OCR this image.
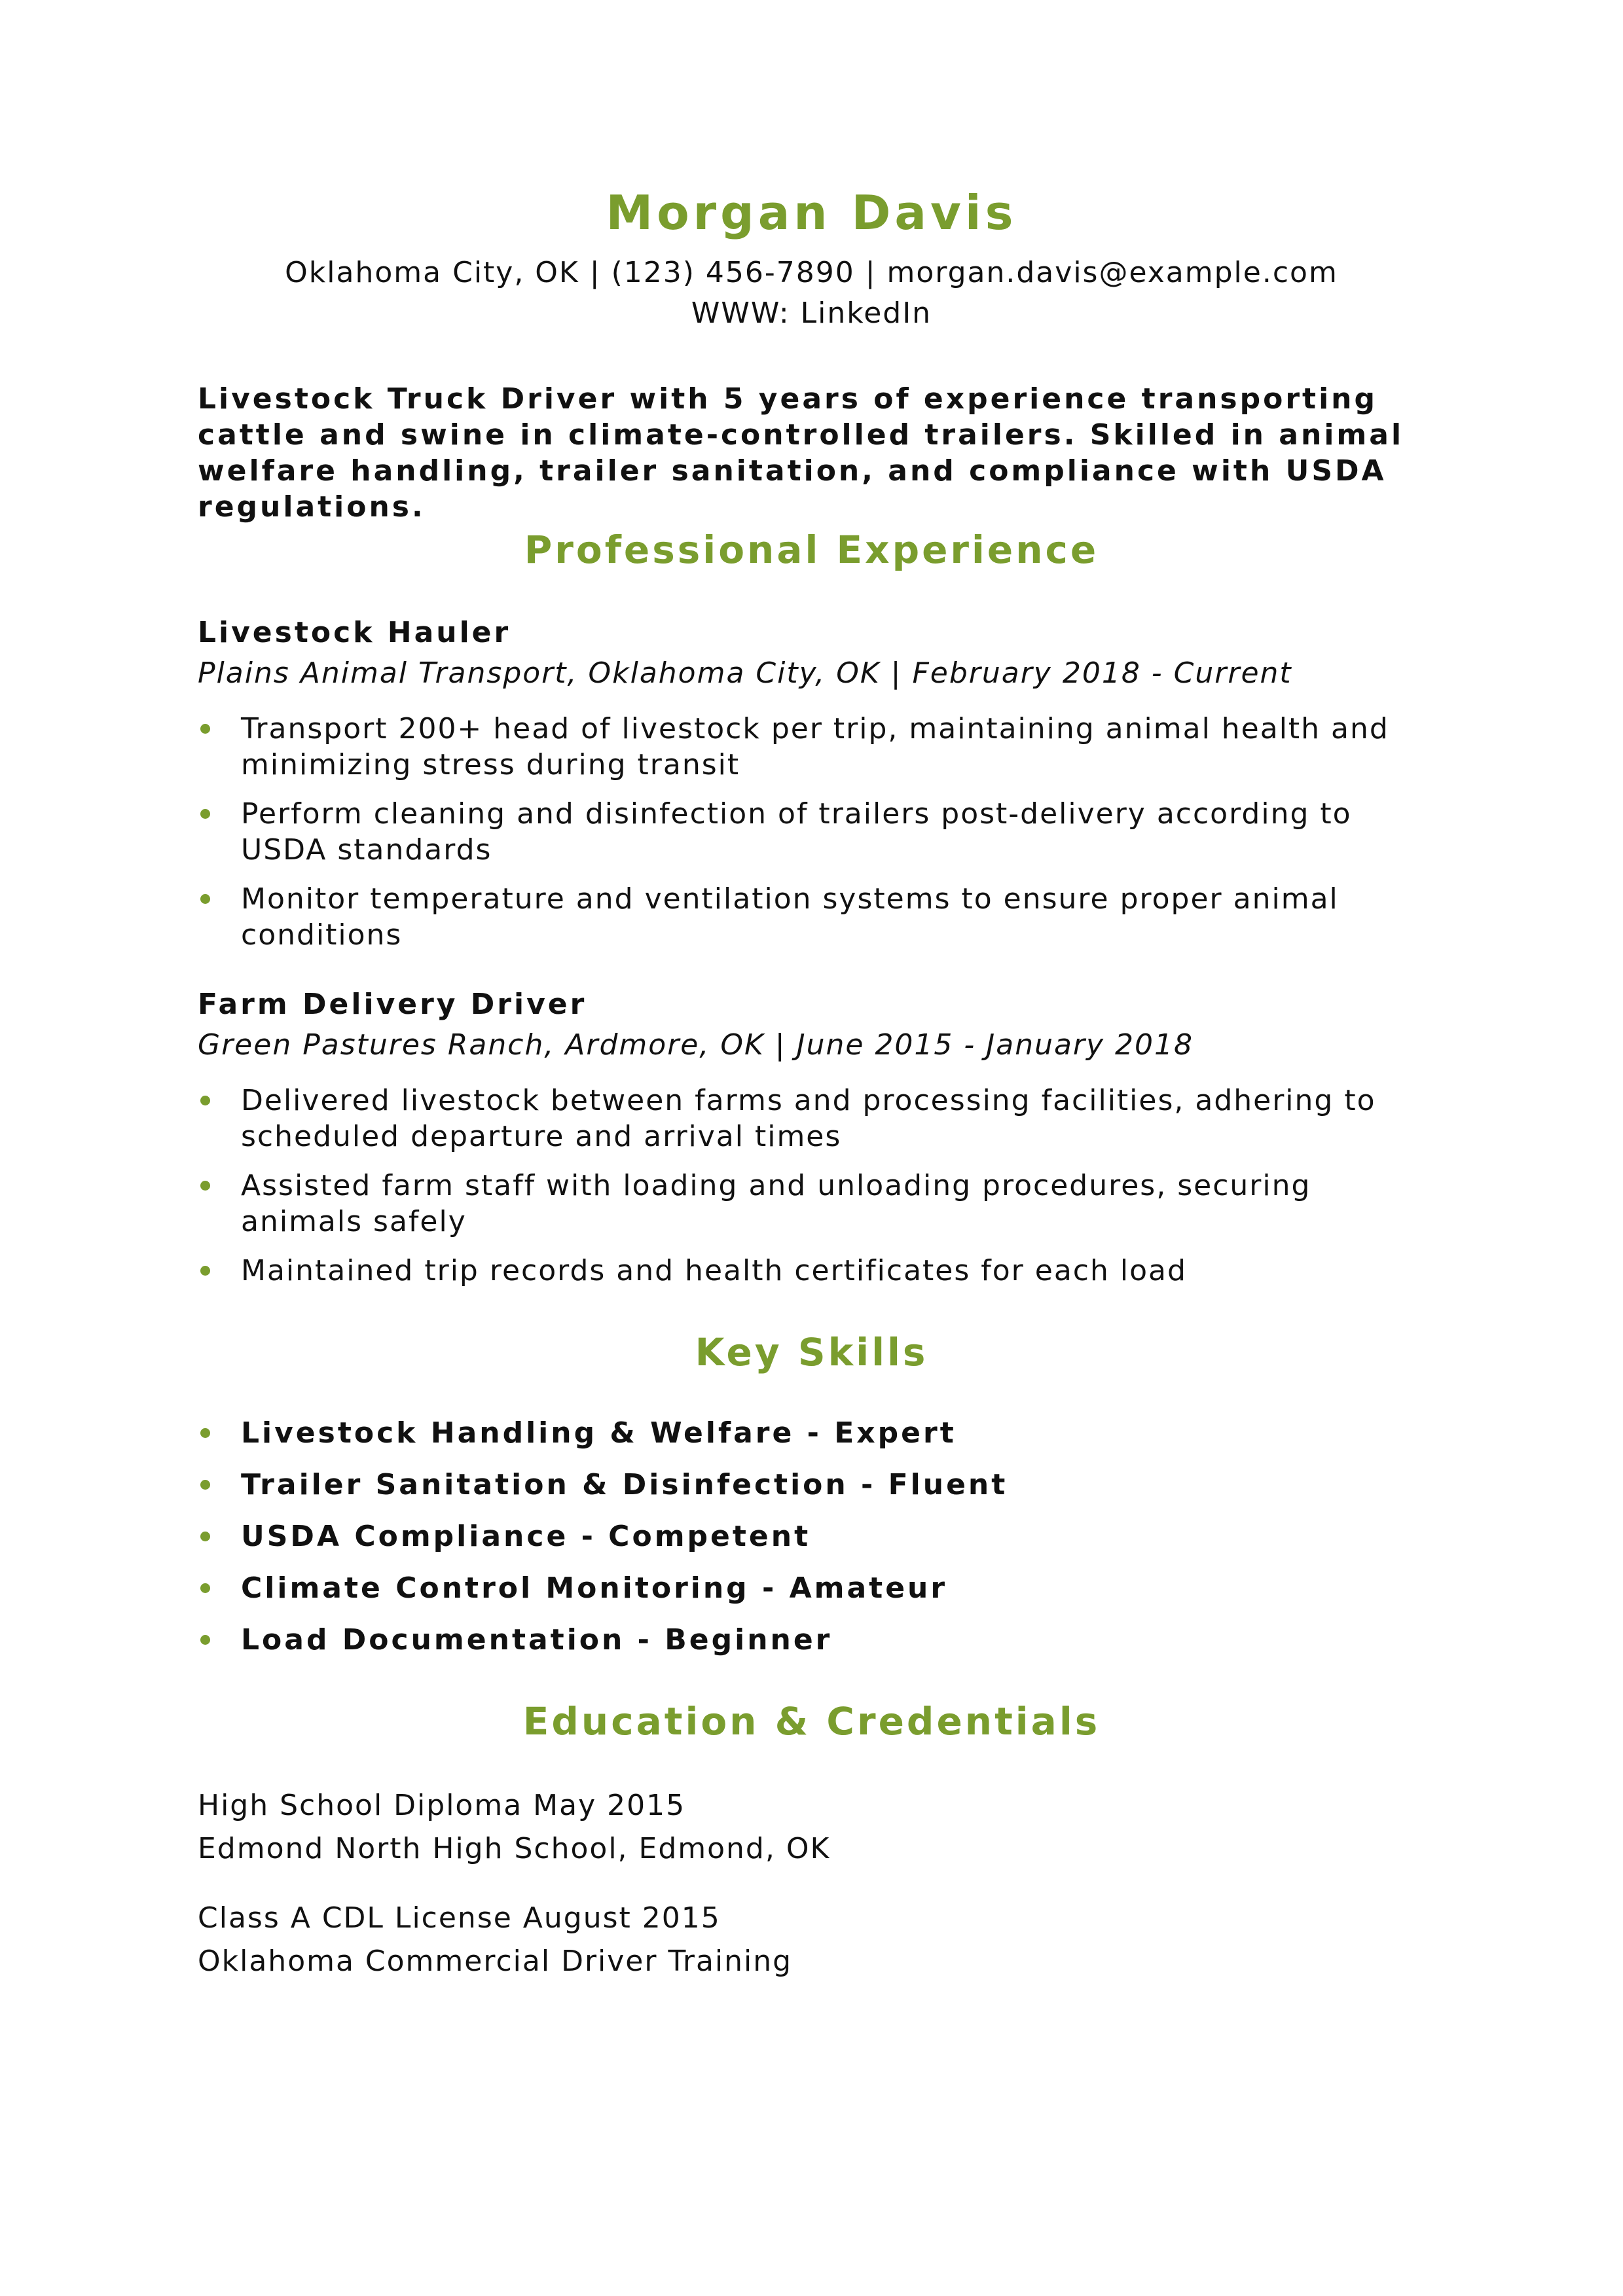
Morgan Davis

Oklahoma City, OK | (123) 456-7890 | morgan.davis@example.com

WWW: LinkedIn

Livestock Truck Driver with 5 years of experience transporting cattle and swine in climate-controlled trailers. Skilled in animal welfare handling, trailer sanitation, and compliance with USDA regulations.

Professional Experience

Livestock Hauler

Plains Animal Transport, Oklahoma City, OK | February 2018 - Current

Transport 200+ head of livestock per trip, maintaining animal health and minimizing stress during transit
Perform cleaning and disinfection of trailers post-delivery according to USDA standards
Monitor temperature and ventilation systems to ensure proper animal conditions

Farm Delivery Driver

Green Pastures Ranch, Ardmore, OK | June 2015 - January 2018

Delivered livestock between farms and processing facilities, adhering to scheduled departure and arrival times
Assisted farm staff with loading and unloading procedures, securing animals safely
Maintained trip records and health certificates for each load
Key Skills
Livestock Handling & Welfare - Expert
Trailer Sanitation & Disinfection - Fluent
USDA Compliance - Competent
Climate Control Monitoring - Amateur
Load Documentation - Beginner
Education & Credentials

High School Diploma May 2015

Edmond North High School, Edmond, OK

Class A CDL License August 2015

Oklahoma Commercial Driver Training
